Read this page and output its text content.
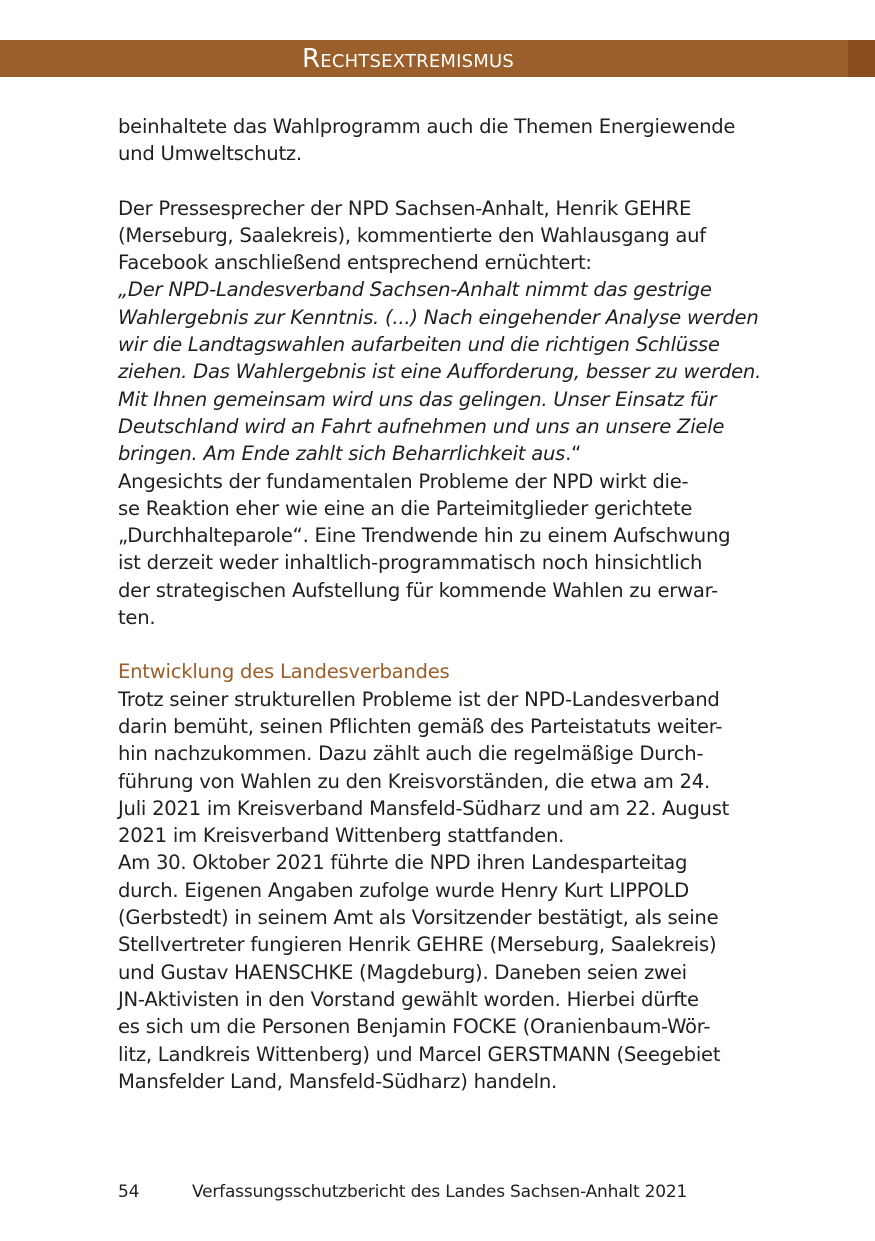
Rechtsextremismus

beinhaltete das Wahlprogramm auch die Themen Energiewende
und Umweltschutz.

Der Pressesprecher der NPD Sachsen-Anhalt, Henrik GEHRE
(Merseburg, Saalekreis), kommentierte den Wahlausgang auf
Facebook anschließend entsprechend ernüchtert:
„Der NPD-Landesverband Sachsen-Anhalt nimmt das gestrige
Wahlergebnis zur Kenntnis. (...) Nach eingehender Analyse werden
wir die Landtagswahlen aufarbeiten und die richtigen Schlüsse
ziehen. Das Wahlergebnis ist eine Aufforderung, besser zu werden.
Mit Ihnen gemeinsam wird uns das gelingen. Unser Einsatz für
Deutschland wird an Fahrt aufnehmen und uns an unsere Ziele
bringen. Am Ende zahlt sich Beharrlichkeit aus.“
Angesichts der fundamentalen Probleme der NPD wirkt die-
se Reaktion eher wie eine an die Parteimitglieder gerichtete
„Durchhalteparole“. Eine Trendwende hin zu einem Aufschwung
ist derzeit weder inhaltlich-programmatisch noch hinsichtlich
der strategischen Aufstellung für kommende Wahlen zu erwar-
ten.

Entwicklung des Landesverbandes

Trotz seiner strukturellen Probleme ist der NPD-Landesverband
darin bemüht, seinen Pflichten gemäß des Parteistatuts weiter-
hin nachzukommen. Dazu zählt auch die regelmäßige Durch-
führung von Wahlen zu den Kreisvorständen, die etwa am 24.
Juli 2021 im Kreisverband Mansfeld-Südharz und am 22. August
2021 im Kreisverband Wittenberg stattfanden.

Am 30. Oktober 2021 führte die NPD ihren Landesparteitag
durch. Eigenen Angaben zufolge wurde Henry Kurt LIPPOLD
(Gerbstedt) in seinem Amt als Vorsitzender bestätigt, als seine
Stellvertreter fungieren Henrik GEHRE (Merseburg, Saalekreis)
und Gustav HAENSCHKE (Magdeburg). Daneben seien zwei
JN-Aktivisten in den Vorstand gewählt worden. Hierbei dürfte
es sich um die Personen Benjamin FOCKE (Oranienbaum-Wör-
litz, Landkreis Wittenberg) und Marcel GERSTMANN (Seegebiet
Mansfelder Land, Mansfeld-Südharz) handeln.

54	Verfassungsschutzbericht des Landes Sachsen-Anhalt 2021
